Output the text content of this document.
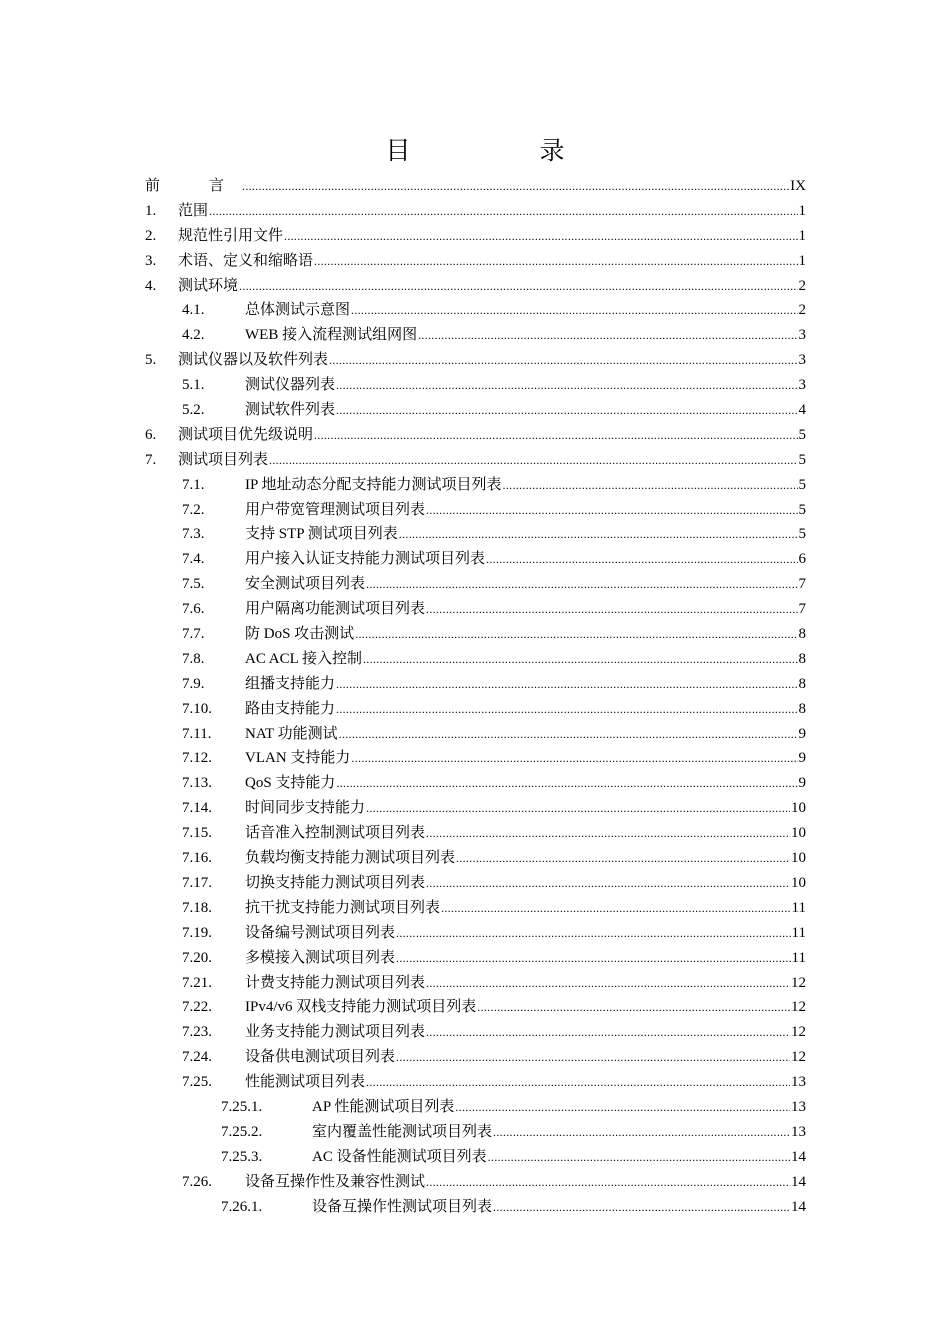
目　录
前　言 .....	IX
1.	范围 .....	1
2.	规范性引用文件 .....	1
3.	术语、定义和缩略语 .....	1
4.	测试环境 .....	2
4.1.	总体测试示意图 .....	2
4.2.	WEB 接入流程测试组网图 .....	3
5.	测试仪器以及软件列表 .....	3
5.1.	测试仪器列表 .....	3
5.2.	测试软件列表 .....	4
6.	测试项目优先级说明 .....	5
7.	测试项目列表 .....	5
7.1.	IP 地址动态分配支持能力测试项目列表 .....	5
7.2.	用户带宽管理测试项目列表 .....	5
7.3.	支持 STP 测试项目列表 .....	5
7.4.	用户接入认证支持能力测试项目列表 .....	6
7.5.	安全测试项目列表 .....	7
7.6.	用户隔离功能测试项目列表 .....	7
7.7.	防 DoS 攻击测试 .....	8
7.8.	AC ACL 接入控制 .....	8
7.9.	组播支持能力 .....	8
7.10.	路由支持能力 .....	8
7.11.	NAT 功能测试 .....	9
7.12.	VLAN 支持能力 .....	9
7.13.	QoS 支持能力 .....	9
7.14.	时间同步支持能力 .....	10
7.15.	话音准入控制测试项目列表 .....	10
7.16.	负载均衡支持能力测试项目列表 .....	10
7.17.	切换支持能力测试项目列表 .....	10
7.18.	抗干扰支持能力测试项目列表 .....	11
7.19.	设备编号测试项目列表 .....	11
7.20.	多模接入测试项目列表 .....	11
7.21.	计费支持能力测试项目列表 .....	12
7.22.	IPv4/v6 双栈支持能力测试项目列表 .....	12
7.23.	业务支持能力测试项目列表 .....	12
7.24.	设备供电测试项目列表 .....	12
7.25.	性能测试项目列表 .....	13
7.25.1.	AP 性能测试项目列表 .....	13
7.25.2.	室内覆盖性能测试项目列表 .....	13
7.25.3.	AC 设备性能测试项目列表 .....	14
7.26.	设备互操作性及兼容性测试 .....	14
7.26.1.	设备互操作性测试项目列表 .....	14
